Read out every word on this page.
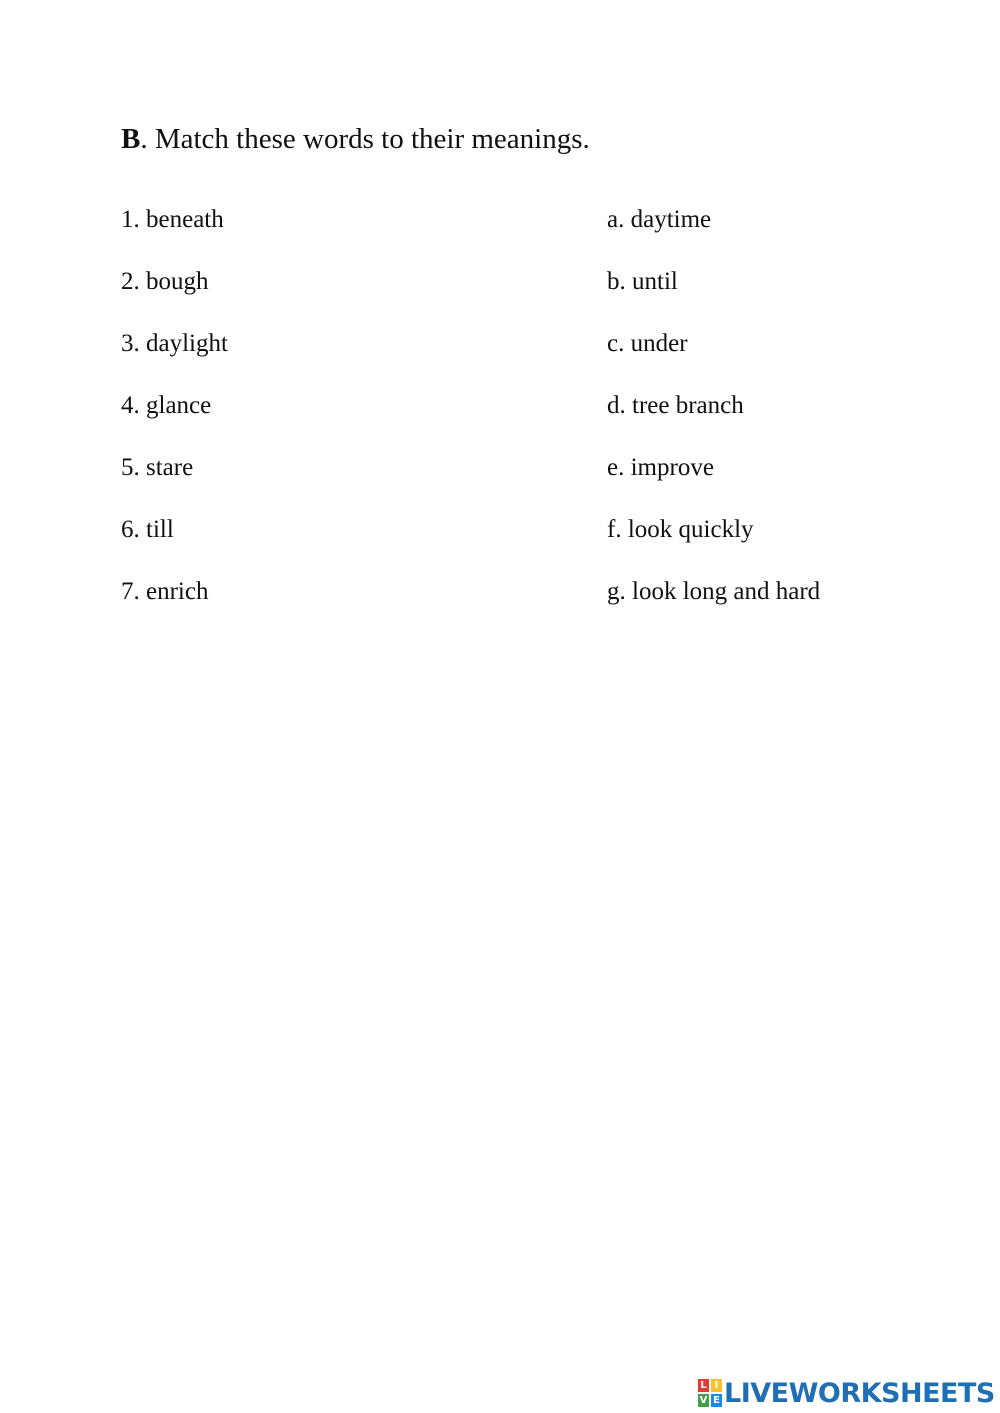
B. Match these words to their meanings.
1. beneath
2. bough
3. daylight
4. glance
5. stare
6. till
7. enrich
a. daytime
b. until
c. under
d. tree branch
e. improve
f. look quickly
g. look long and hard
L I
V E LIVEWORKSHEETS
